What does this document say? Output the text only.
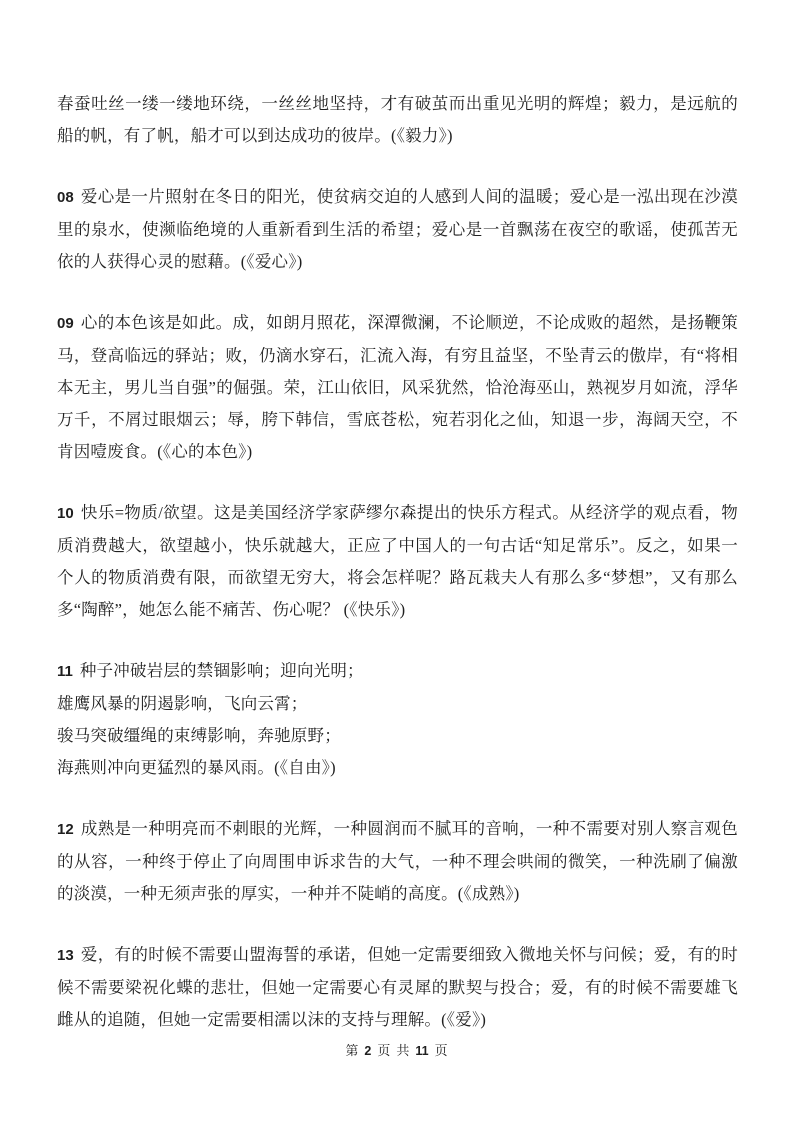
春蚕吐丝一缕一缕地环绕，一丝丝地坚持，才有破茧而出重见光明的辉煌；毅力，是远航的船的帆，有了帆，船才可以到达成功的彼岸。(《毅力》)

08 爱心是一片照射在冬日的阳光，使贫病交迫的人感到人间的温暖；爱心是一泓出现在沙漠里的泉水，使濒临绝境的人重新看到生活的希望；爱心是一首飘荡在夜空的歌谣，使孤苦无依的人获得心灵的慰藉。(《爱心》)

09 心的本色该是如此。成，如朗月照花，深潭微澜，不论顺逆，不论成败的超然，是扬鞭策马，登高临远的驿站；败，仍滴水穿石，汇流入海，有穷且益坚，不坠青云的傲岸，有“将相本无主，男儿当自强”的倔强。荣，江山依旧，风采犹然，恰沧海巫山，熟视岁月如流，浮华万千，不屑过眼烟云；辱，胯下韩信，雪底苍松，宛若羽化之仙，知退一步，海阔天空，不肯因噎废食。(《心的本色》)

10 快乐=物质/欲望。这是美国经济学家萨缪尔森提出的快乐方程式。从经济学的观点看，物质消费越大，欲望越小，快乐就越大，正应了中国人的一句古话“知足常乐”。反之，如果一个人的物质消费有限，而欲望无穷大，将会怎样呢？路瓦栽夫人有那么多“梦想”，又有那么多“陶醉”，她怎么能不痛苦、伤心呢？ (《快乐》)

11 种子冲破岩层的禁锢影响；迎向光明；
雄鹰风暴的阴遏影响，飞向云霄；
骏马突破缰绳的束缚影响，奔驰原野；
海燕则冲向更猛烈的暴风雨。(《自由》)

12 成熟是一种明亮而不刺眼的光辉，一种圆润而不腻耳的音响，一种不需要对别人察言观色的从容，一种终于停止了向周围申诉求告的大气，一种不理会哄闹的微笑，一种洗刷了偏激的淡漠，一种无须声张的厚实，一种并不陡峭的高度。(《成熟》)

13 爱，有的时候不需要山盟海誓的承诺，但她一定需要细致入微地关怀与问候；爱，有的时候不需要梁祝化蝶的悲壮，但她一定需要心有灵犀的默契与投合；爱，有的时候不需要雄飞雌从的追随，但她一定需要相濡以沫的支持与理解。(《爱》)

第 2 页 共 11 页
